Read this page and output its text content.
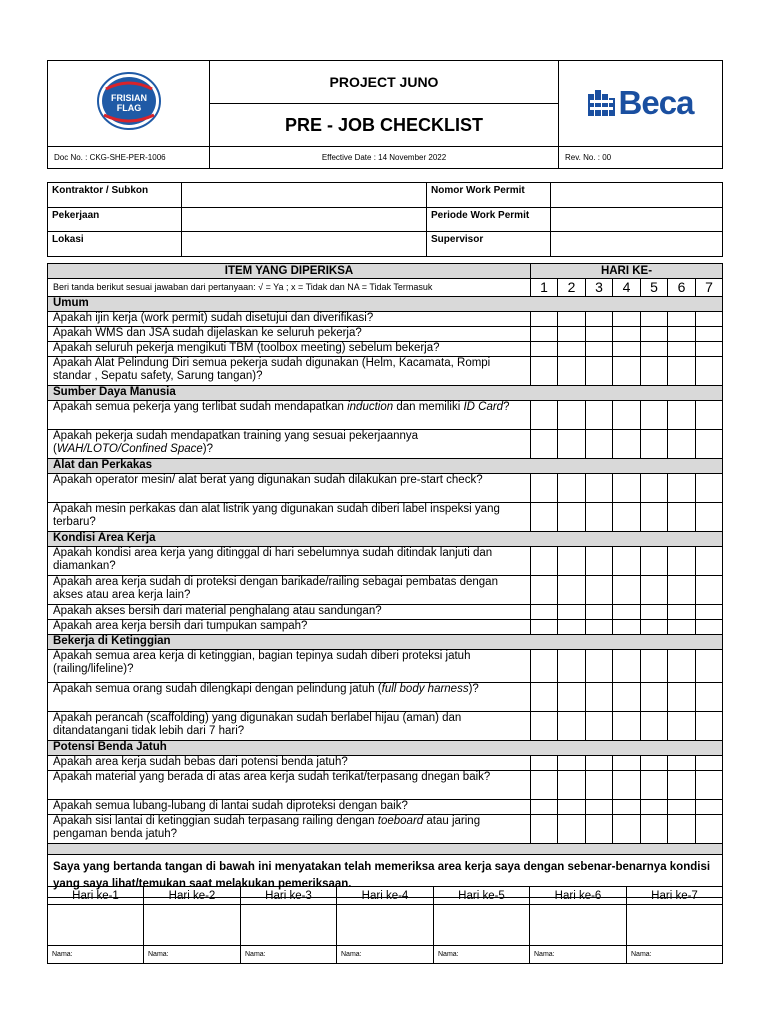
FRISIAN
FLAG	PROJECT JUNO	Beca

	PRE - JOB CHECKLIST	
Doc No. : CKG-SHE-PER-1006	Effective Date : 14 November 2022	Rev. No. : 00
Kontraktor / Subkon		Nomor Work Permit	
Pekerjaan		Periode Work Permit	
Lokasi		Supervisor	
ITEM YANG DIPERIKSA	HARI KE-						
Beri tanda berikut sesuai jawaban dari pertanyaan: √ = Ya ; x = Tidak dan NA = Tidak Termasuk	1	2	3	4	5	6	7
Umum							
Apakah ijin kerja (work permit) sudah disetujui dan diverifikasi?							
Apakah WMS dan JSA sudah dijelaskan ke seluruh pekerja?							
Apakah seluruh pekerja mengikuti TBM (toolbox meeting) sebelum bekerja?							
Apakah Alat Pelindung Diri semua pekerja sudah digunakan (Helm, Kacamata, Rompi standar , Sepatu safety, Sarung tangan)?							
Sumber Daya Manusia							
Apakah semua pekerja yang terlibat sudah mendapatkan induction dan memiliki ID Card?							
Apakah pekerja sudah mendapatkan training yang sesuai pekerjaannya (WAH/LOTO/Confined Space)?							
Alat dan Perkakas							
Apakah operator mesin/ alat berat yang digunakan sudah dilakukan pre-start check?							
Apakah mesin perkakas dan alat listrik yang digunakan sudah diberi label inspeksi yang terbaru?							
Kondisi Area Kerja							
Apakah kondisi area kerja yang ditinggal di hari sebelumnya sudah ditindak lanjuti dan diamankan?							
Apakah area kerja sudah di proteksi dengan barikade/railing sebagai pembatas dengan akses atau area kerja lain?							
Apakah akses bersih dari material penghalang atau sandungan?							
Apakah area kerja bersih dari tumpukan sampah?							
Bekerja di Ketinggian							
Apakah semua area kerja di ketinggian, bagian tepinya sudah diberi proteksi jatuh (railing/lifeline)?							
Apakah semua orang sudah dilengkapi dengan pelindung jatuh (full body harness)?							
Apakah perancah (scaffolding) yang digunakan sudah berlabel hijau (aman) dan ditandatangani tidak lebih dari 7 hari?							
Potensi Benda Jatuh							
Apakah area kerja sudah bebas dari potensi benda jatuh?							
Apakah material yang berada di atas area kerja sudah terikat/terpasang dnegan baik?							
Apakah semua lubang-lubang di lantai sudah diproteksi dengan baik?							
Apakah sisi lantai di ketinggian sudah terpasang railing dengan toeboard atau jaring pengaman benda jatuh?							

Saya yang bertanda tangan di bawah ini menyatakan telah memeriksa area kerja saya dengan sebenar-benarnya kondisi yang saya lihat/temukan saat melakukan pemeriksaan.							
Hari ke-1	Hari ke-2	Hari ke-3	Hari ke-4	Hari ke-5	Hari ke-6	Hari ke-7

Nama:	Nama:	Nama:	Nama:	Nama:	Nama:	Nama:
